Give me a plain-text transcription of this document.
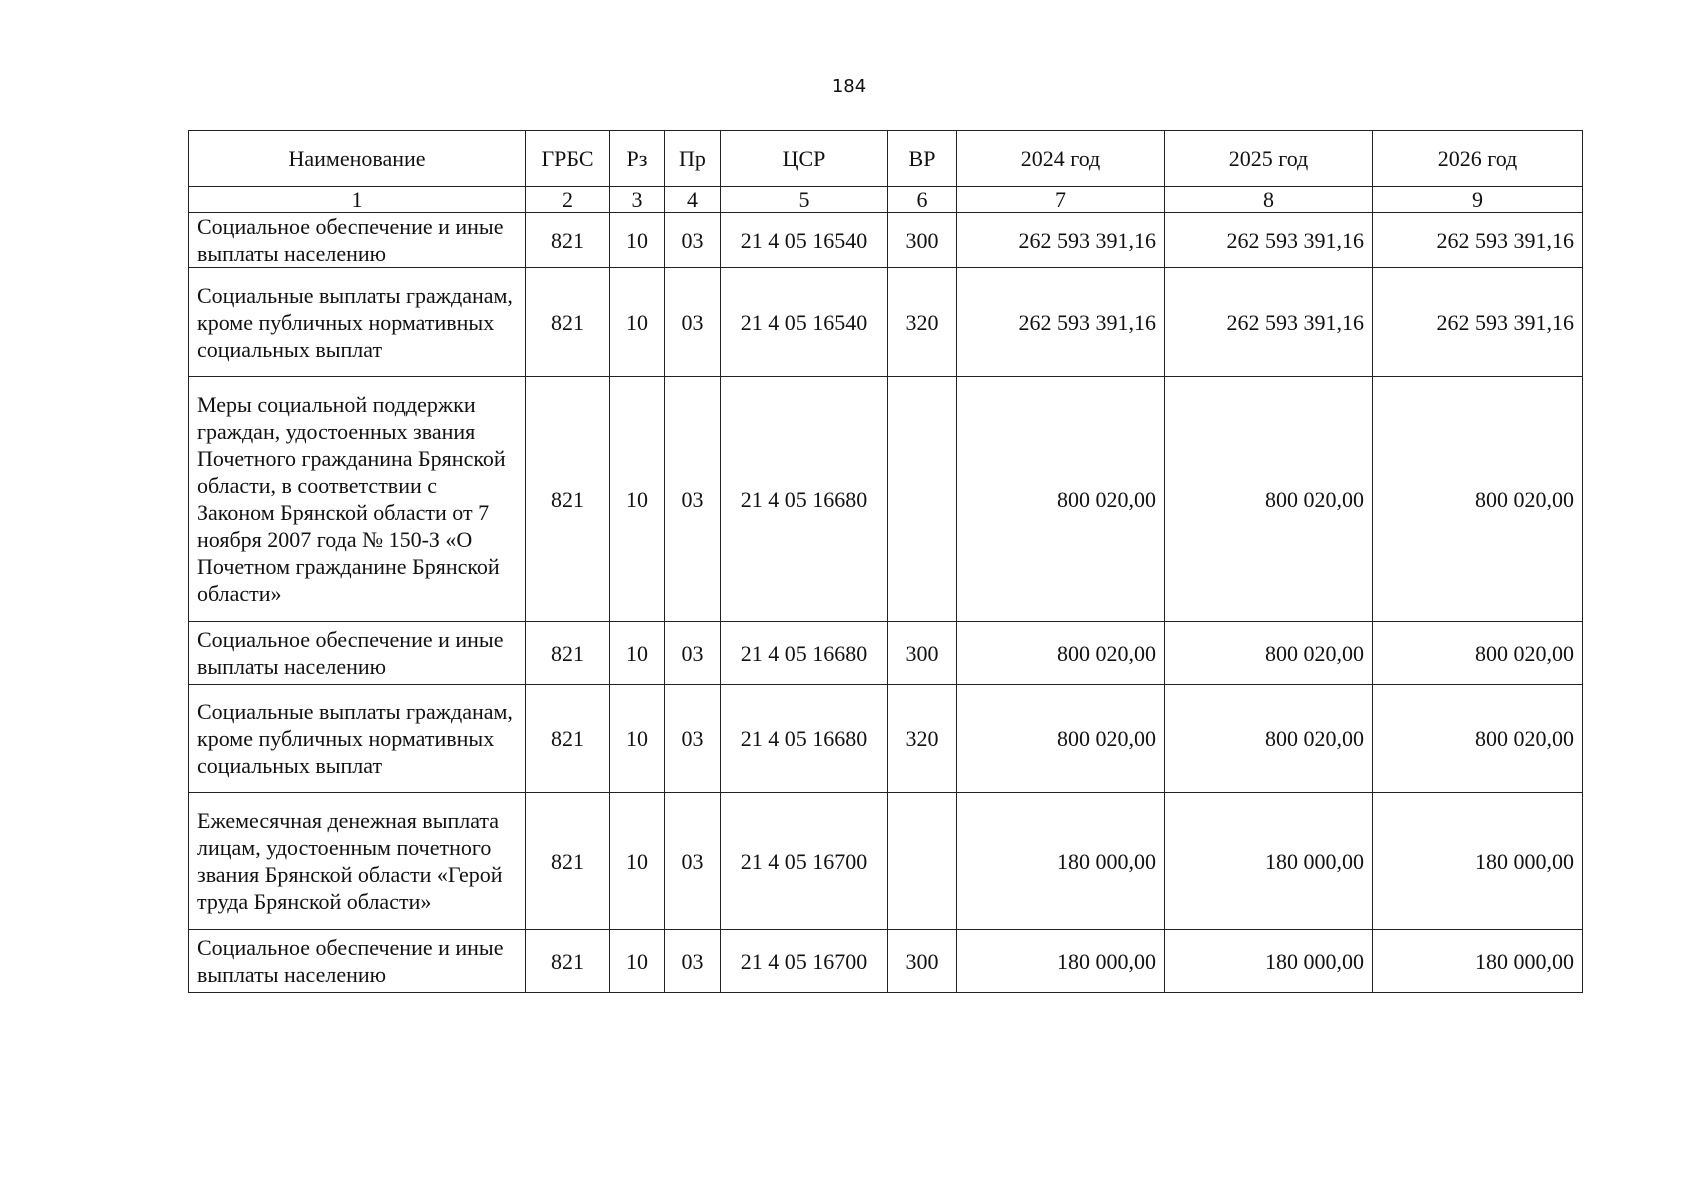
184
Наименование	ГРБС	Рз	Пр	ЦСР	ВР	2024 год	2025 год	2026 год
1	2	3	4	5	6	7	8	9
Социальное обеспечение и иные выплаты населению	821	10	03	21 4 05 16540	300	262 593 391,16	262 593 391,16	262 593 391,16
Социальные выплаты гражданам, кроме публичных нормативных социальных выплат	821	10	03	21 4 05 16540	320	262 593 391,16	262 593 391,16	262 593 391,16
Меры социальной поддержки граждан, удостоенных звания Почетного гражданина Брянской области, в соответствии с Законом Брянской области от 7 ноября 2007 года № 150-З «О Почетном гражданине Брянской области»	821	10	03	21 4 05 16680		800 020,00	800 020,00	800 020,00
Социальное обеспечение и иные выплаты населению	821	10	03	21 4 05 16680	300	800 020,00	800 020,00	800 020,00
Социальные выплаты гражданам, кроме публичных нормативных социальных выплат	821	10	03	21 4 05 16680	320	800 020,00	800 020,00	800 020,00
Ежемесячная денежная выплата лицам, удостоенным почетного звания Брянской области «Герой труда Брянской области»	821	10	03	21 4 05 16700		180 000,00	180 000,00	180 000,00
Социальное обеспечение и иные выплаты населению	821	10	03	21 4 05 16700	300	180 000,00	180 000,00	180 000,00
